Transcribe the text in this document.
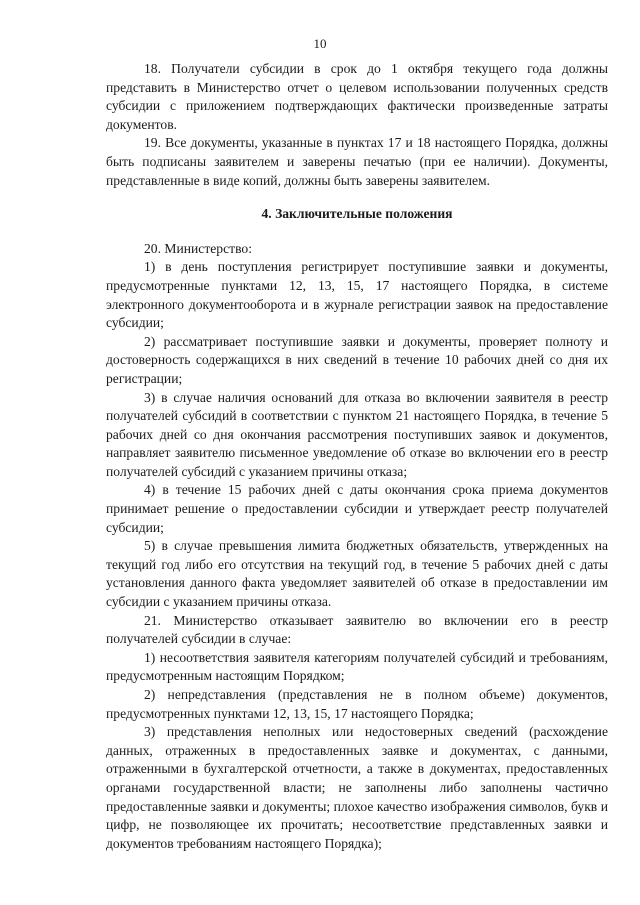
10

18. Получатели субсидии в срок до 1 октября текущего года должны представить в Министерство отчет о целевом использовании полученных средств субсидии с приложением подтверждающих фактически произведенные затраты документов.

19. Все документы, указанные в пунктах 17 и 18 настоящего Порядка, должны быть подписаны заявителем и заверены печатью (при ее наличии). Документы, представленные в виде копий, должны быть заверены заявителем.

4. Заключительные положения

20. Министерство:

1) в день поступления регистрирует поступившие заявки и документы, предусмотренные пунктами 12, 13, 15, 17 настоящего Порядка, в системе электронного документооборота и в журнале регистрации заявок на предоставление субсидии;

2) рассматривает поступившие заявки и документы, проверяет полноту и достоверность содержащихся в них сведений в течение 10 рабочих дней со дня их регистрации;

3) в случае наличия оснований для отказа во включении заявителя в реестр получателей субсидий в соответствии с пунктом 21 настоящего Порядка, в течение 5 рабочих дней со дня окончания рассмотрения поступивших заявок и документов, направляет заявителю письменное уведомление об отказе во включении его в реестр получателей субсидий с указанием причины отказа;

4) в течение 15 рабочих дней с даты окончания срока приема документов принимает решение о предоставлении субсидии и утверждает реестр получателей субсидии;

5) в случае превышения лимита бюджетных обязательств, утвержденных на текущий год либо его отсутствия на текущий год, в течение 5 рабочих дней с даты установления данного факта уведомляет заявителей об отказе в предоставлении им субсидии с указанием причины отказа.

21. Министерство отказывает заявителю во включении его в реестр получателей субсидии в случае:

1) несоответствия заявителя категориям получателей субсидий и требованиям, предусмотренным настоящим Порядком;

2) непредставления (представления не в полном объеме) документов, предусмотренных пунктами 12, 13, 15, 17 настоящего Порядка;

3) представления неполных или недостоверных сведений (расхождение данных, отраженных в предоставленных заявке и документах, с данными, отраженными в бухгалтерской отчетности, а также в документах, предоставленных органами государственной власти; не заполнены либо заполнены частично предоставленные заявки и документы; плохое качество изображения символов, букв и цифр, не позволяющее их прочитать; несоответствие представленных заявки и документов требованиям настоящего Порядка);
